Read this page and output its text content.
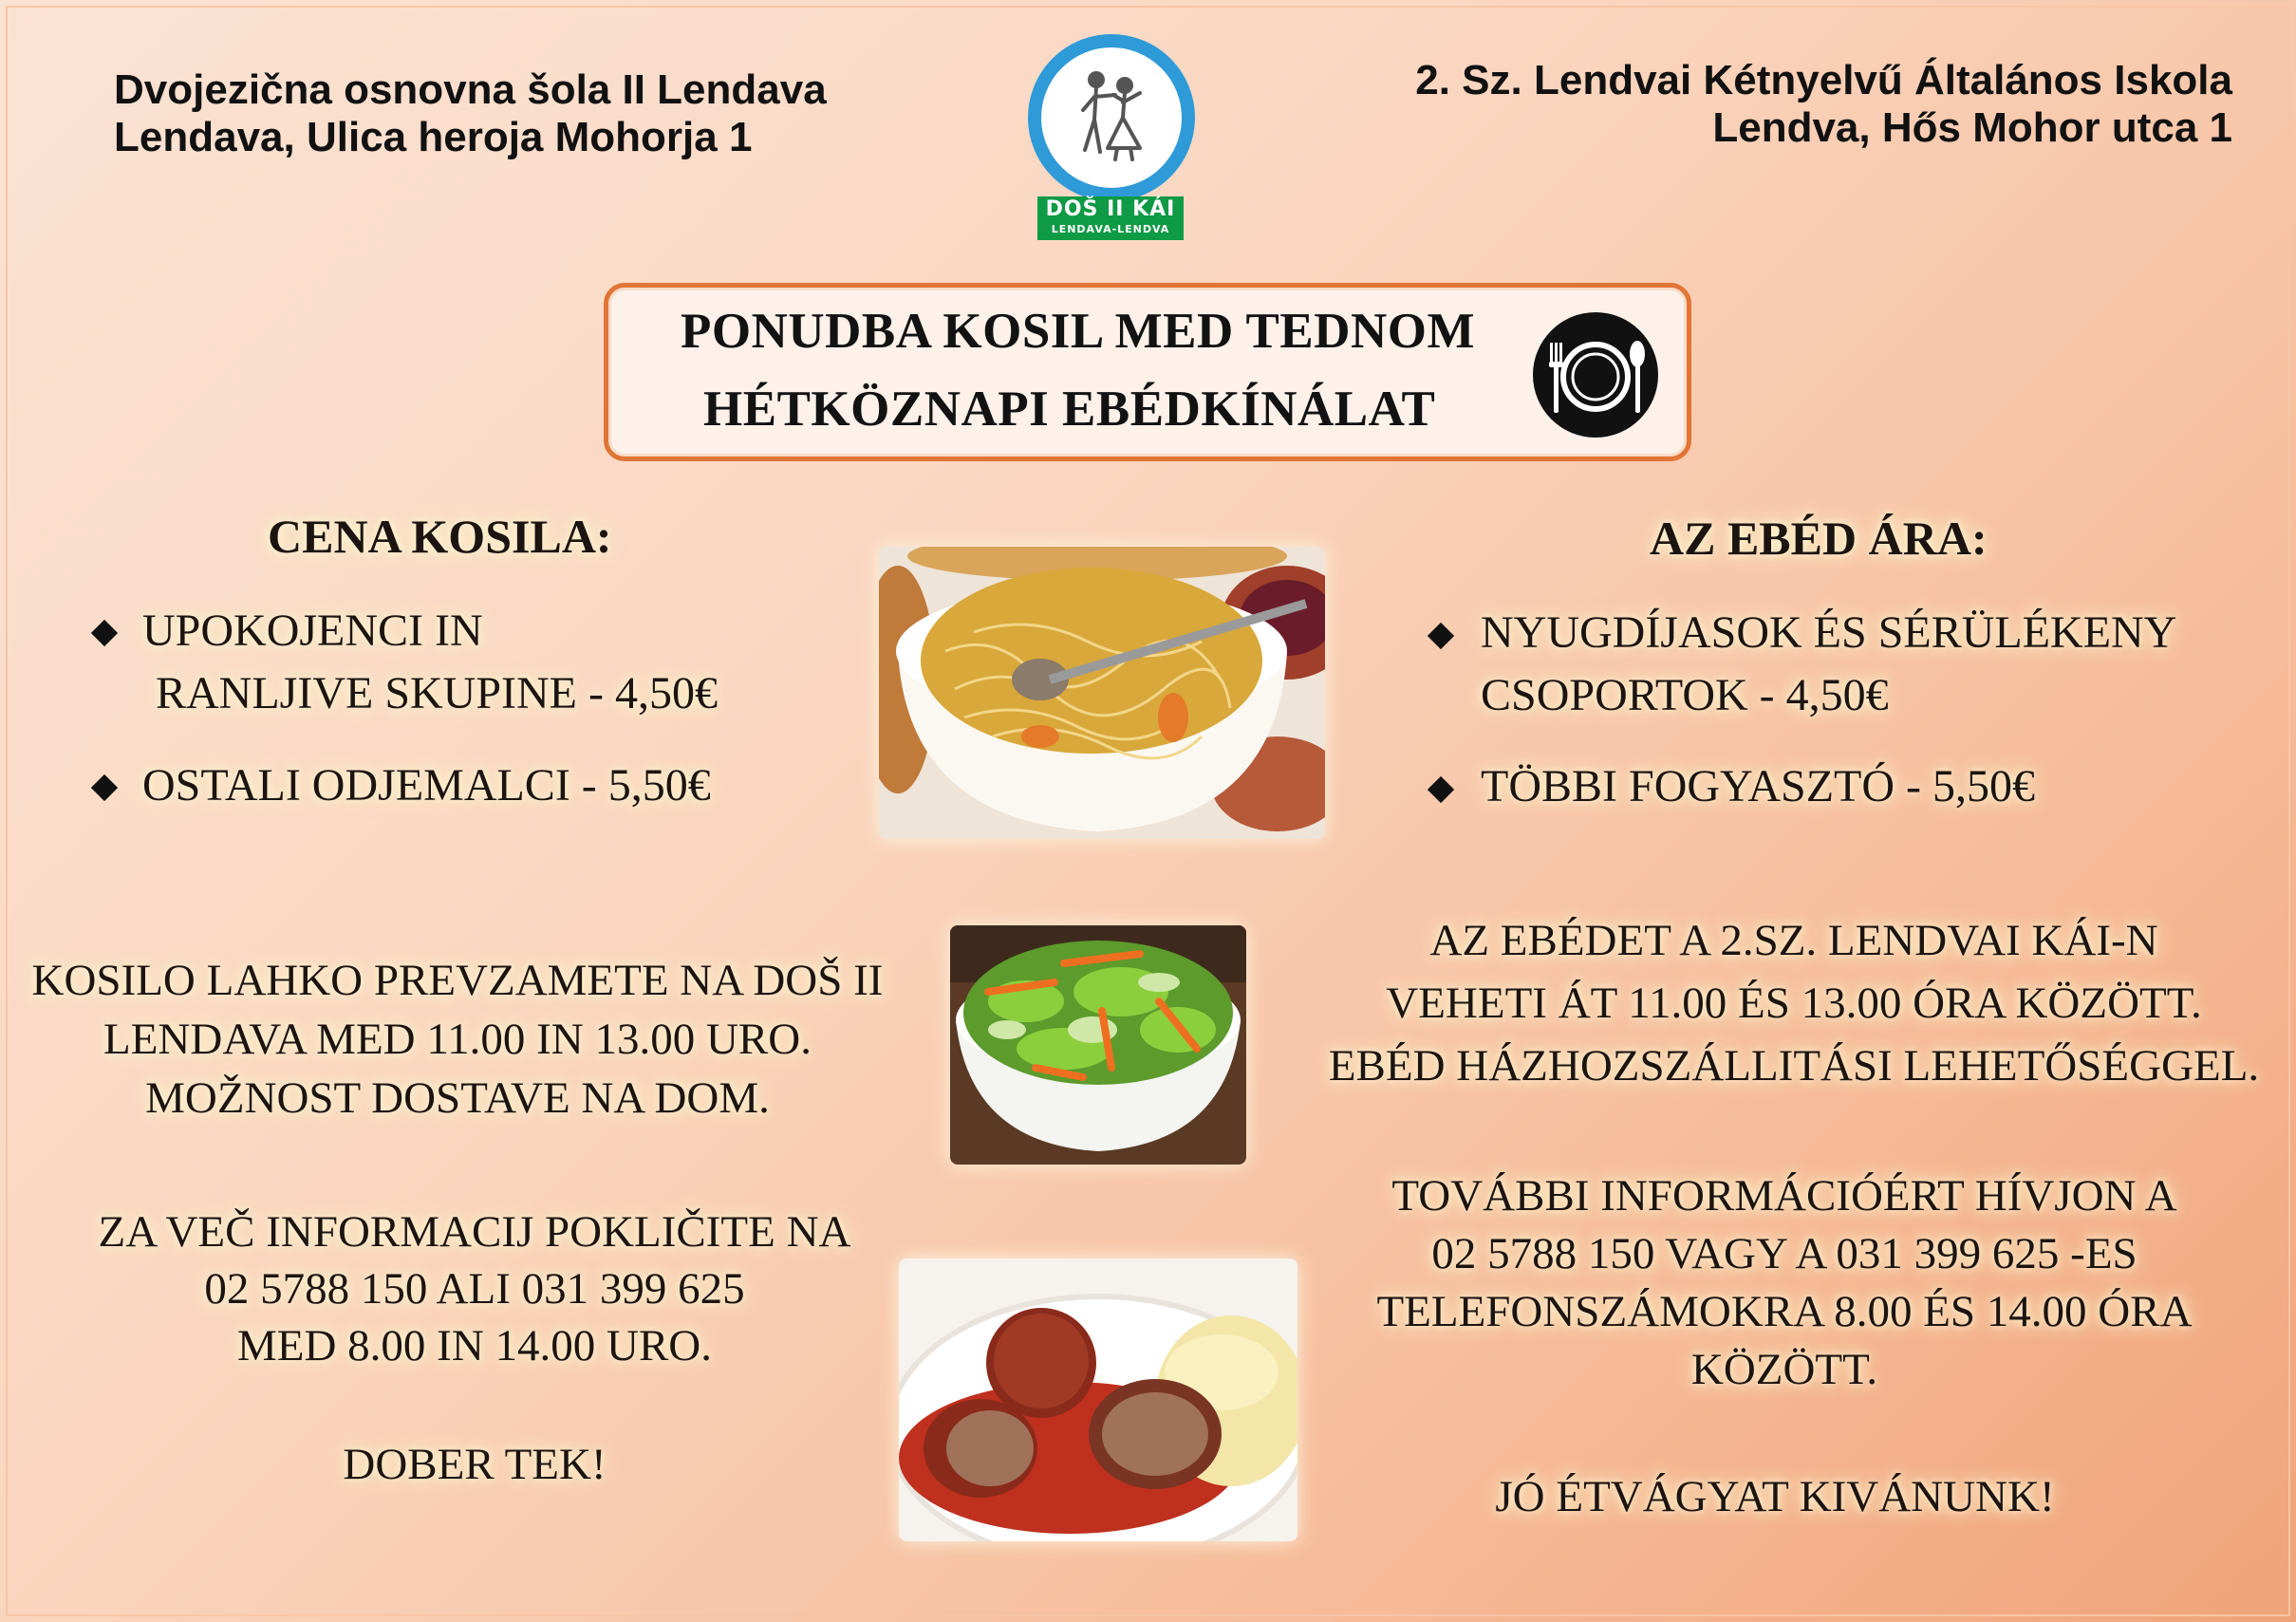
Dvojezična osnovna šola II Lendava
Lendava, Ulica heroja Mohorja 1
2. Sz. Lendvai Kétnyelvű Általános Iskola
Lendva, Hős Mohor utca 1
DOŠ II KÁI
LENDAVA-LENDVA
PONUDBA KOSIL MED TEDNOM
HÉTKÖZNAPI EBÉDKÍNÁLAT
CENA KOSILA:
UPOKOJENCI IN
RANLJIVE SKUPINE - 4,50€
OSTALI ODJEMALCI - 5,50€
AZ EBÉD ÁRA:
NYUGDÍJASOK ÉS SÉRÜLÉKENY
CSOPORTOK - 4,50€
TÖBBI FOGYASZTÓ - 5,50€
KOSILO LAHKO PREVZAMETE NA DOŠ II
LENDAVA MED 11.00 IN 13.00 URO.
MOŽNOST DOSTAVE NA DOM.
ZA VEČ INFORMACIJ POKLIČITE NA
02 5788 150 ALI 031 399 625
MED 8.00 IN 14.00 URO.
DOBER TEK!
AZ EBÉDET A 2.SZ. LENDVAI KÁI-N
VEHETI ÁT 11.00 ÉS 13.00 ÓRA KÖZÖTT.
EBÉD HÁZHOZSZÁLLITÁSI LEHETŐSÉGGEL.
TOVÁBBI INFORMÁCIÓÉRT HÍVJON A
02 5788 150 VAGY A 031 399 625 -ES
TELEFONSZÁMOKRA 8.00 ÉS 14.00 ÓRA
KÖZÖTT.
JÓ ÉTVÁGYAT KIVÁNUNK!
